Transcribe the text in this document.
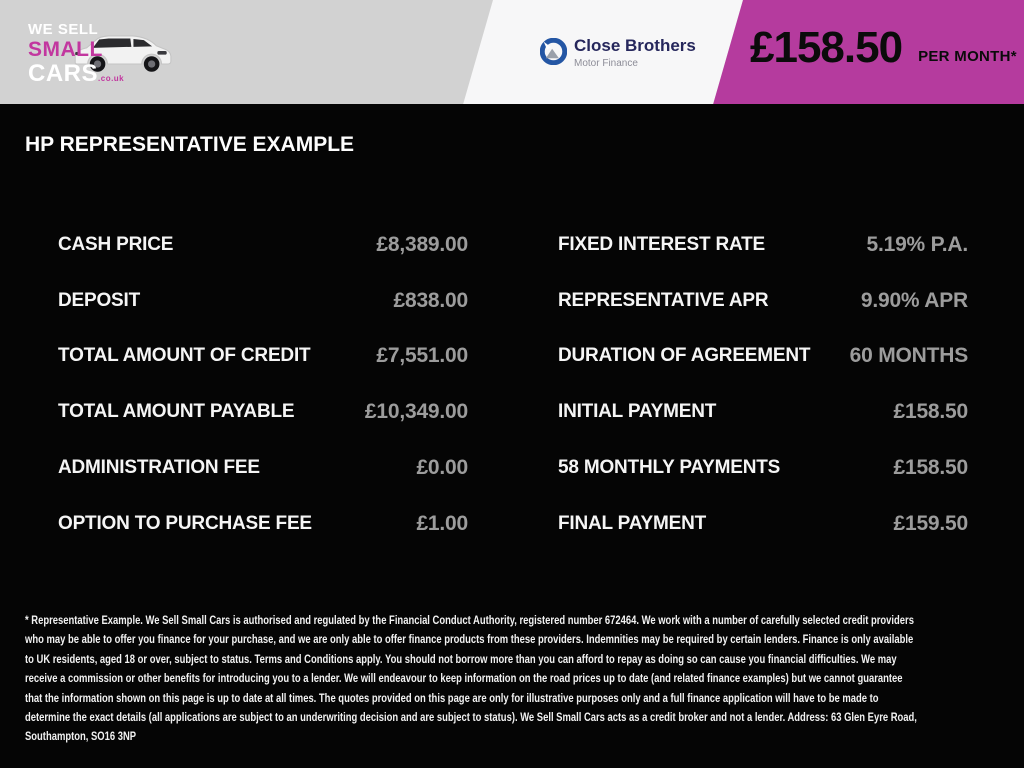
WE SELL
SMALL
CARS.co.uk
Close Brothers
Motor Finance	£158.50 PER MONTH*
HP REPRESENTATIVE EXAMPLE
CASH PRICE	£8,389.00
DEPOSIT	£838.00
TOTAL AMOUNT OF CREDIT	£7,551.00
TOTAL AMOUNT PAYABLE	£10,349.00
ADMINISTRATION FEE	£0.00
OPTION TO PURCHASE FEE	£1.00
FIXED INTEREST RATE	5.19% P.A.
REPRESENTATIVE APR	9.90% APR
DURATION OF AGREEMENT 60 MONTHS
INITIAL PAYMENT	£158.50
58 MONTHLY PAYMENTS	£158.50
FINAL PAYMENT	£159.50
* Representative Example. We Sell Small Cars is authorised and regulated by the Financial Conduct Authority, registered number 672464. We work with a number of carefully selected credit providers who may be able to offer you finance for your purchase, and we are only able to offer finance products from these providers. Indemnities may be required by certain lenders. Finance is only available to UK residents, aged 18 or over, subject to status. Terms and Conditions apply. You should not borrow more than you can afford to repay as doing so can cause you financial difficulties. We may receive a commission or other benefits for introducing you to a lender. We will endeavour to keep information on the road prices up to date (and related finance examples) but we cannot guarantee that the information shown on this page is up to date at all times. The quotes provided on this page are only for illustrative purposes only and a full finance application will have to be made to determine the exact details (all applications are subject to an underwriting decision and are subject to status). We Sell Small Cars acts as a credit broker and not a lender. Address: 63 Glen Eyre Road, Southampton, SO16 3NP
